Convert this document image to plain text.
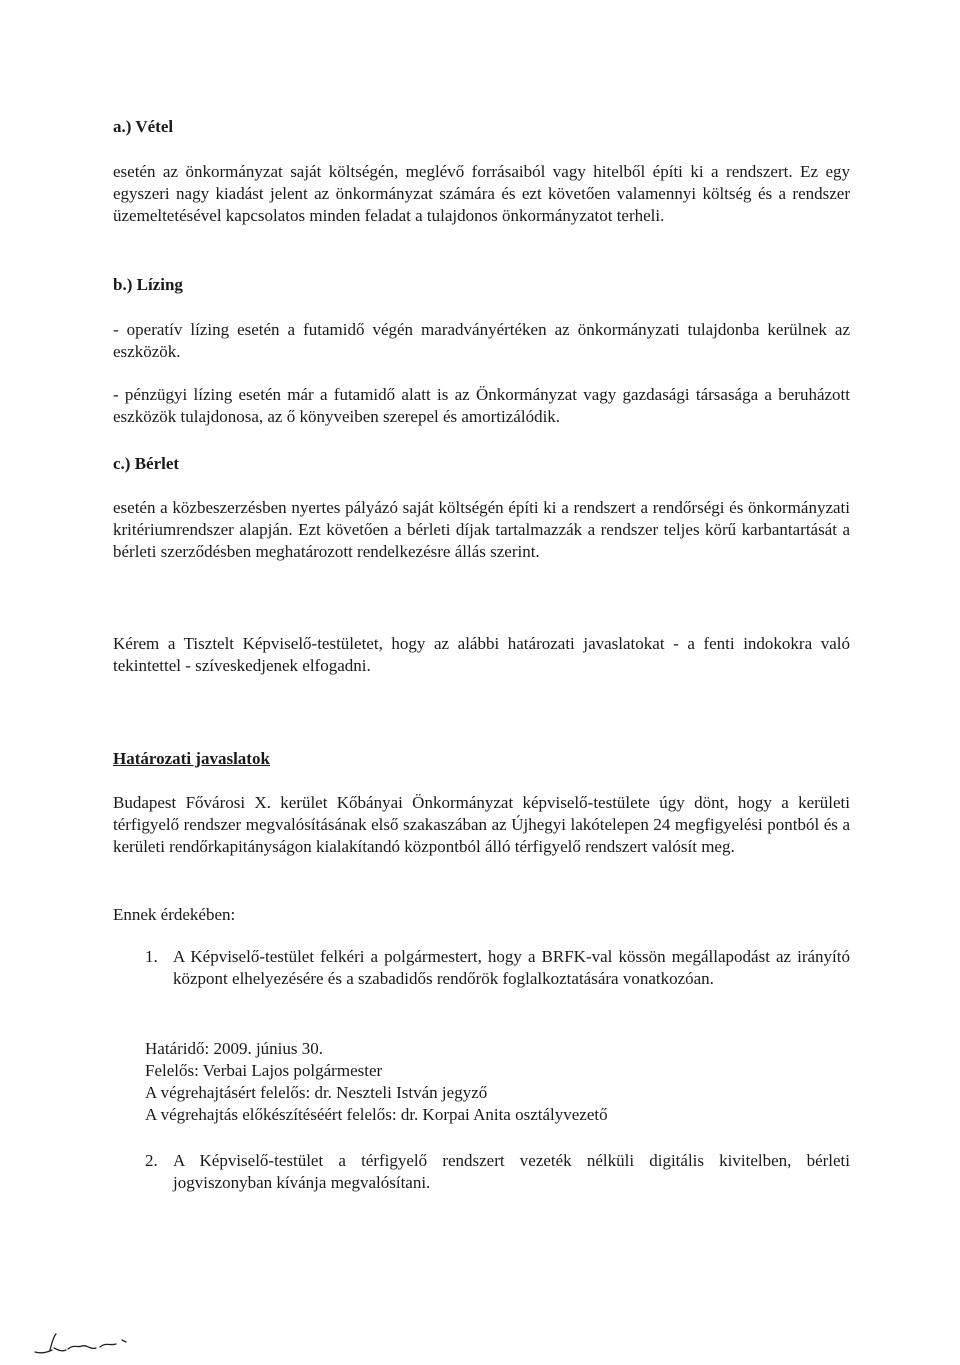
a.) Vétel

esetén az önkormányzat saját költségén, meglévő forrásaiból vagy hitelből építi ki a rendszert. Ez egy egyszeri nagy kiadást jelent az önkormányzat számára és ezt követően valamennyi költség és a rendszer üzemeltetésével kapcsolatos minden feladat a tulajdonos önkormányzatot terheli.

b.) Lízing

- operatív lízing esetén a futamidő végén maradványértéken az önkormányzati tulajdonba kerülnek az eszközök.

- pénzügyi lízing esetén már a futamidő alatt is az Önkormányzat vagy gazdasági társasága a beruházott eszközök tulajdonosa, az ő könyveiben szerepel és amortizálódik.

c.) Bérlet

esetén a közbeszerzésben nyertes pályázó saját költségén építi ki a rendszert a rendőrségi és önkormányzati kritériumrendszer alapján. Ezt követően a bérleti díjak tartalmazzák a rendszer teljes körű karbantartását a bérleti szerződésben meghatározott rendelkezésre állás szerint.

Kérem a Tisztelt Képviselő-testületet, hogy az alábbi határozati javaslatokat - a fenti indokokra való tekintettel - szíveskedjenek elfogadni.

Határozati javaslatok

Budapest Fővárosi X. kerület Kőbányai Önkormányzat képviselő-testülete úgy dönt, hogy a kerületi térfigyelő rendszer megvalósításának első szakaszában az Újhegyi lakótelepen 24 megfigyelési pontból és a kerületi rendőrkapitányságon kialakítandó központból álló térfigyelő rendszert valósít meg.

Ennek érdekében:

1. A Képviselő-testület felkéri a polgármestert, hogy a BRFK-val kössön megállapodást az irányító központ elhelyezésére és a szabadidős rendőrök foglalkoztatására vonatkozóan.
Határidő: 2009. június 30.
Felelős: Verbai Lajos polgármester
A végrehajtásért felelős: dr. Neszteli István jegyző
A végrehajtás előkészítéséért felelős: dr. Korpai Anita osztályvezető
2. A Képviselő-testület a térfigyelő rendszert vezeték nélküli digitális kivitelben, bérleti jogviszonyban kívánja megvalósítani.
